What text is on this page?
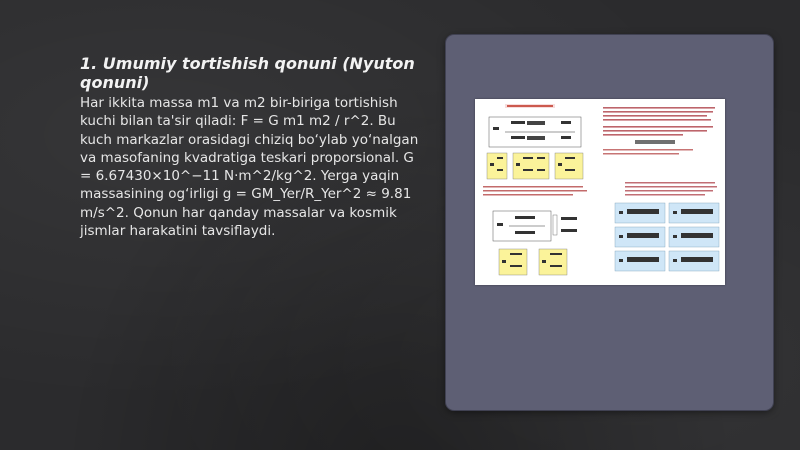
1. Umumiy tortishish qonuni (Nyuton qonuni)

Har ikkita massa m1 va m2 bir-biriga tortishish kuchi bilan ta'sir qiladi: F = G m1 m2 / r^2. Bu kuch markazlar orasidagi chiziq bo‘ylab yo‘nalgan va masofaning kvadratiga teskari proporsional. G = 6.67430×10^−11 N·m^2/kg^2. Yerga yaqin massasining og‘irligi g = GM_Yer/R_Yer^2 ≈ 9.81 m/s^2. Qonun har qanday massalar va kosmik jismlar harakatini tavsiflaydi.
